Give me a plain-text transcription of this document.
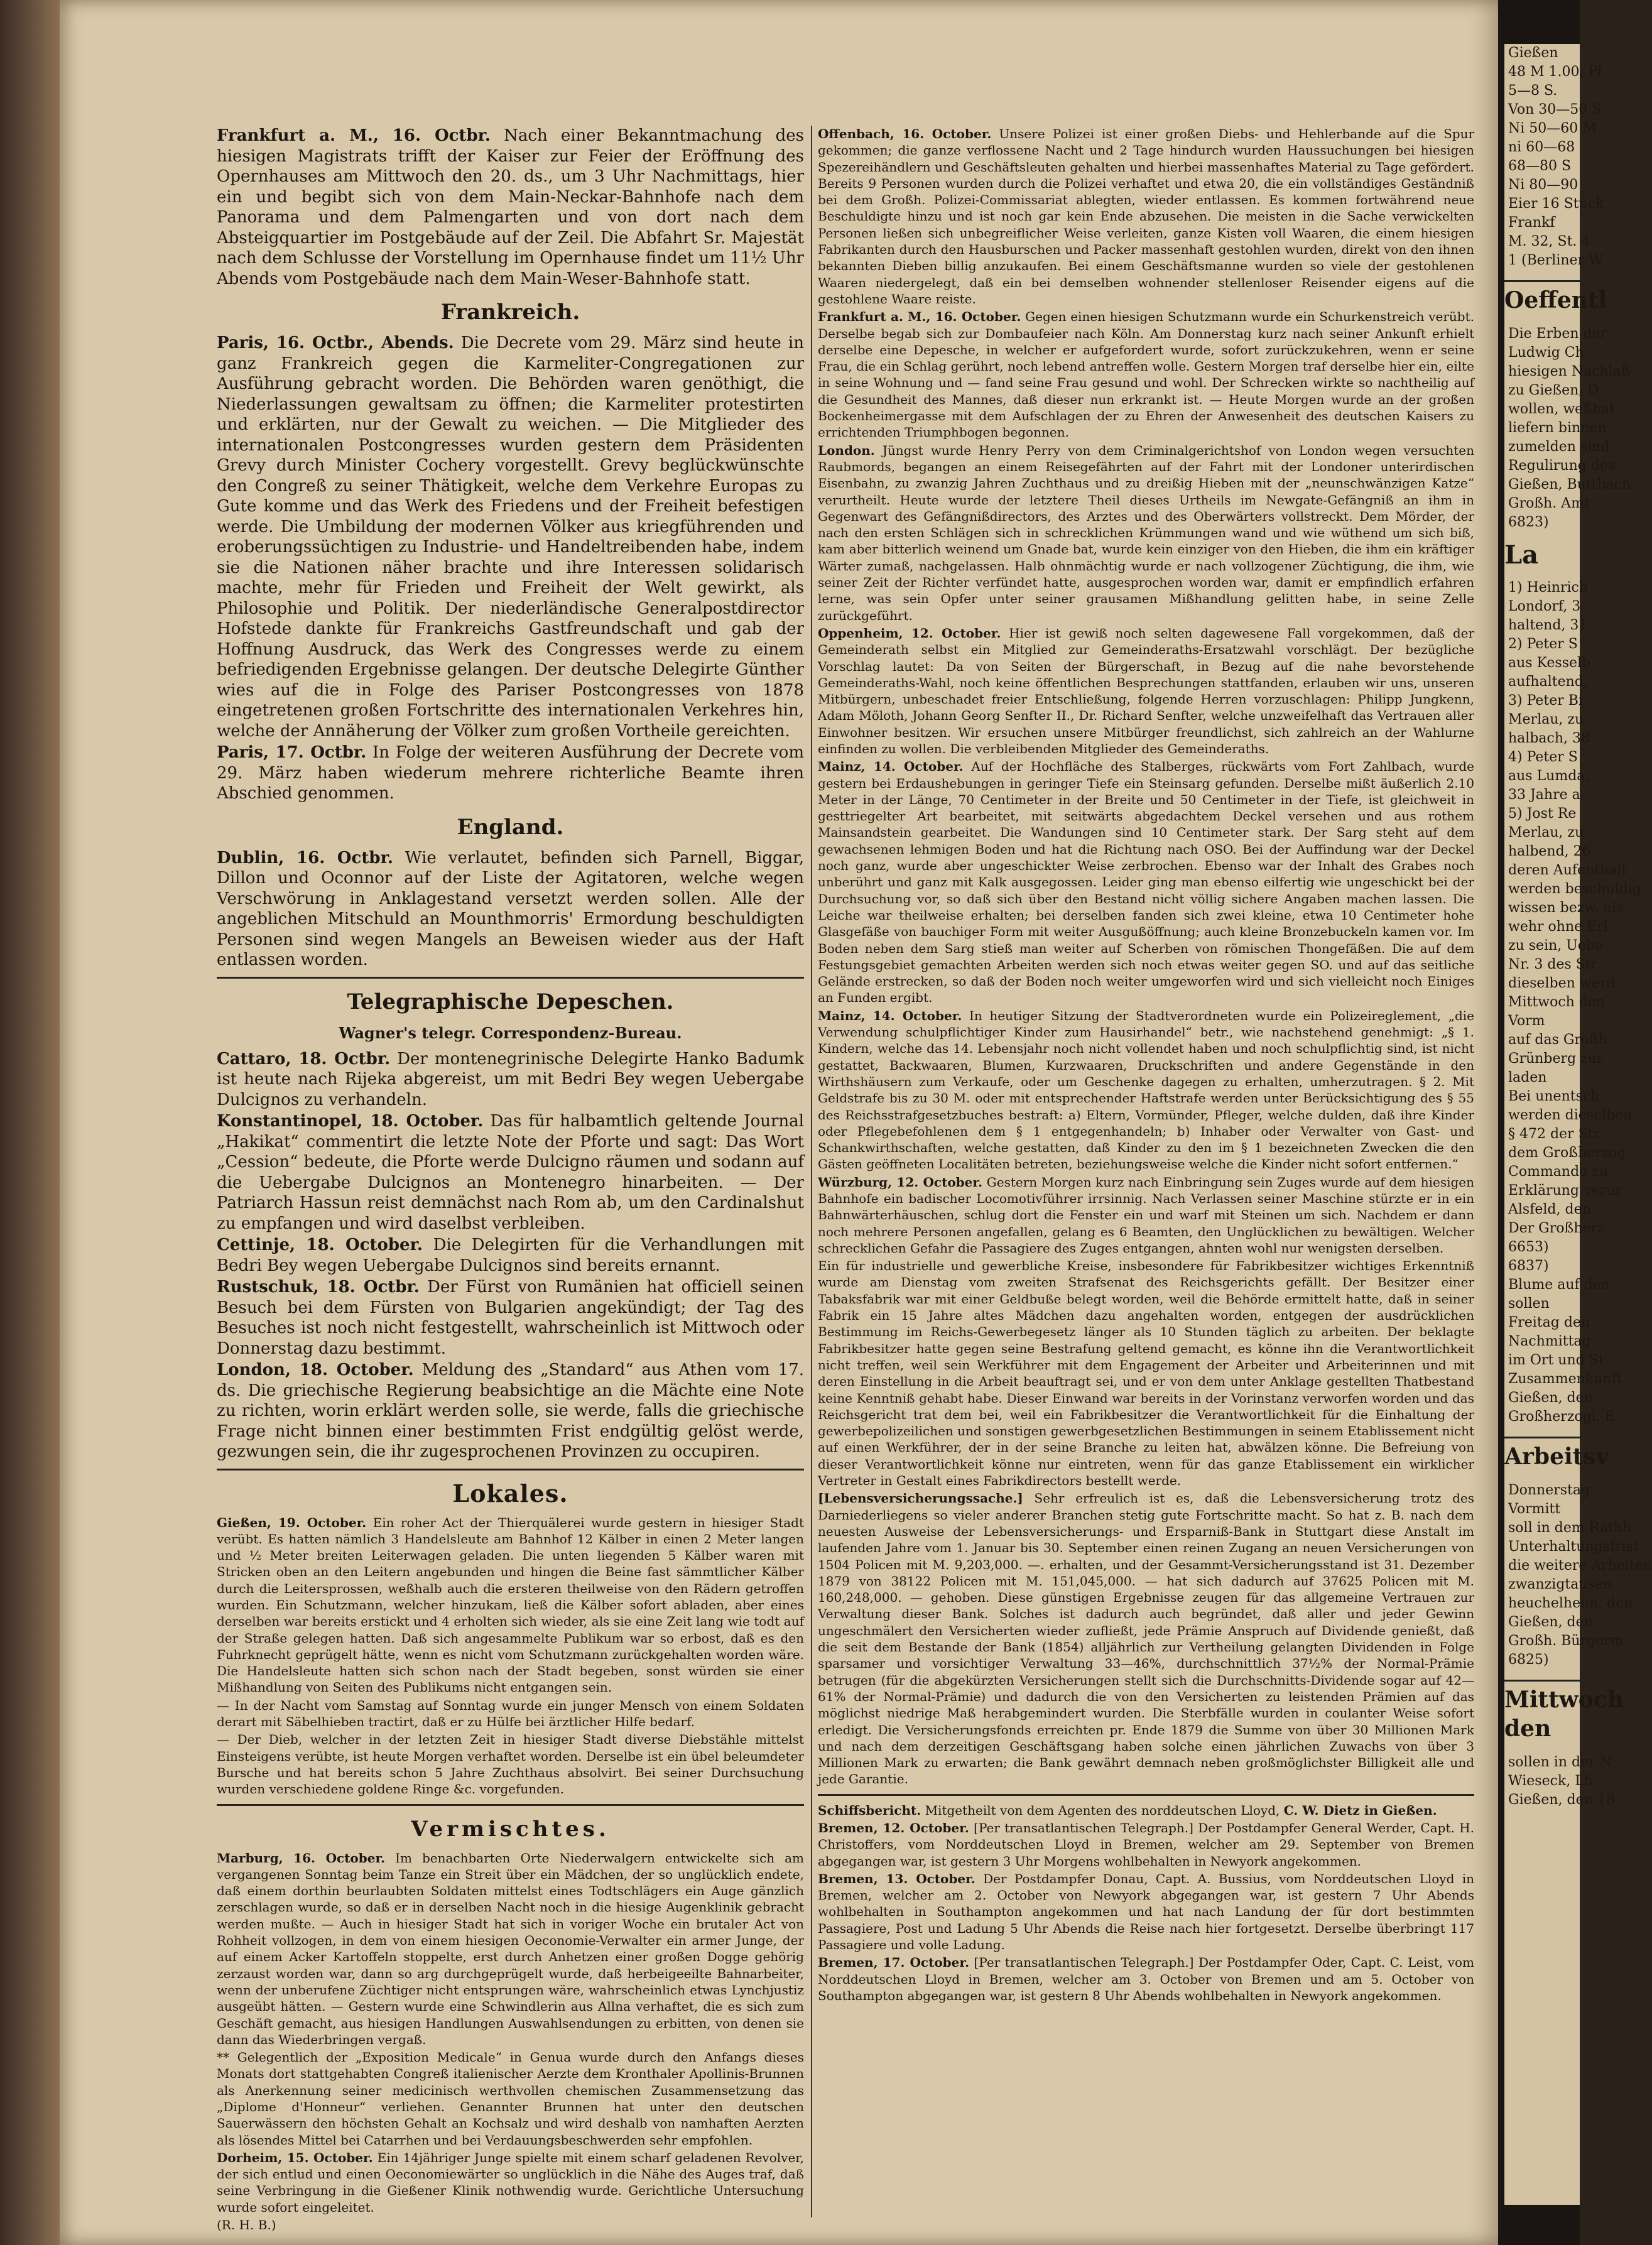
Frankfurt a. M., 16. Octbr. Nach einer Bekanntmachung des hiesigen Magistrats trifft der Kaiser zur Feier der Eröffnung des Opernhauses am Mittwoch den 20. ds., um 3 Uhr Nachmittags, hier ein und begibt sich von dem Main-Neckar-Bahnhofe nach dem Panorama und dem Palmengarten und von dort nach dem Absteigquartier im Postgebäude auf der Zeil. Die Abfahrt Sr. Majestät nach dem Schlusse der Vorstellung im Opernhause findet um 11½ Uhr Abends vom Postgebäude nach dem Main-Weser-Bahnhofe statt.

Frankreich.

Paris, 16. Octbr., Abends. Die Decrete vom 29. März sind heute in ganz Frankreich gegen die Karmeliter-Congregationen zur Ausführung gebracht worden. Die Behörden waren genöthigt, die Niederlassungen gewaltsam zu öffnen; die Karmeliter protestirten und erklärten, nur der Gewalt zu weichen. — Die Mitglieder des internationalen Postcongresses wurden gestern dem Präsidenten Grevy durch Minister Cochery vorgestellt. Grevy beglückwünschte den Congreß zu seiner Thätigkeit, welche dem Verkehre Europas zu Gute komme und das Werk des Friedens und der Freiheit befestigen werde. Die Umbildung der modernen Völker aus kriegführenden und eroberungssüchtigen zu Industrie- und Handeltreibenden habe, indem sie die Nationen näher brachte und ihre Interessen solidarisch machte, mehr für Frieden und Freiheit der Welt gewirkt, als Philosophie und Politik. Der niederländische Generalpostdirector Hofstede dankte für Frankreichs Gastfreundschaft und gab der Hoffnung Ausdruck, das Werk des Congresses werde zu einem befriedigenden Ergebnisse gelangen. Der deutsche Delegirte Günther wies auf die in Folge des Pariser Postcongresses von 1878 eingetretenen großen Fortschritte des internationalen Verkehres hin, welche der Annäherung der Völker zum großen Vortheile gereichten.

Paris, 17. Octbr. In Folge der weiteren Ausführung der Decrete vom 29. März haben wiederum mehrere richterliche Beamte ihren Abschied genommen.

England.

Dublin, 16. Octbr. Wie verlautet, befinden sich Parnell, Biggar, Dillon und Oconnor auf der Liste der Agitatoren, welche wegen Verschwörung in Anklagestand versetzt werden sollen. Alle der angeblichen Mitschuld an Mounthmorris' Ermordung beschuldigten Personen sind wegen Mangels an Beweisen wieder aus der Haft entlassen worden.

Telegraphische Depeschen.
Wagner's telegr. Correspondenz-Bureau.

Cattaro, 18. Octbr. Der montenegrinische Delegirte Hanko Badumk ist heute nach Rijeka abgereist, um mit Bedri Bey wegen Uebergabe Dulcignos zu verhandeln.

Konstantinopel, 18. October. Das für halbamtlich geltende Journal „Hakikat“ commentirt die letzte Note der Pforte und sagt: Das Wort „Cession“ bedeute, die Pforte werde Dulcigno räumen und sodann auf die Uebergabe Dulcignos an Montenegro hinarbeiten. — Der Patriarch Hassun reist demnächst nach Rom ab, um den Cardinalshut zu empfangen und wird daselbst verbleiben.

Cettinje, 18. October. Die Delegirten für die Verhandlungen mit Bedri Bey wegen Uebergabe Dulcignos sind bereits ernannt.

Rustschuk, 18. Octbr. Der Fürst von Rumänien hat officiell seinen Besuch bei dem Fürsten von Bulgarien angekündigt; der Tag des Besuches ist noch nicht festgestellt, wahrscheinlich ist Mittwoch oder Donnerstag dazu bestimmt.

London, 18. October. Meldung des „Standard“ aus Athen vom 17. ds. Die griechische Regierung beabsichtige an die Mächte eine Note zu richten, worin erklärt werden solle, sie werde, falls die griechische Frage nicht binnen einer bestimmten Frist endgültig gelöst werde, gezwungen sein, die ihr zugesprochenen Provinzen zu occupiren.

Lokales.

Gießen, 19. October. Ein roher Act der Thierquälerei wurde gestern in hiesiger Stadt verübt. Es hatten nämlich 3 Handelsleute am Bahnhof 12 Kälber in einen 2 Meter langen und ½ Meter breiten Leiterwagen geladen. Die unten liegenden 5 Kälber waren mit Stricken oben an den Leitern angebunden und hingen die Beine fast sämmtlicher Kälber durch die Leitersprossen, weßhalb auch die ersteren theilweise von den Rädern getroffen wurden. Ein Schutzmann, welcher hinzukam, ließ die Kälber sofort abladen, aber eines derselben war bereits erstickt und 4 erholten sich wieder, als sie eine Zeit lang wie todt auf der Straße gelegen hatten. Daß sich angesammelte Publikum war so erbost, daß es den Fuhrknecht geprügelt hätte, wenn es nicht vom Schutzmann zurückgehalten worden wäre. Die Handelsleute hatten sich schon nach der Stadt begeben, sonst würden sie einer Mißhandlung von Seiten des Publikums nicht entgangen sein.

— In der Nacht vom Samstag auf Sonntag wurde ein junger Mensch von einem Soldaten derart mit Säbelhieben tractirt, daß er zu Hülfe bei ärztlicher Hilfe bedarf.

— Der Dieb, welcher in der letzten Zeit in hiesiger Stadt diverse Diebstähle mittelst Einsteigens verübte, ist heute Morgen verhaftet worden. Derselbe ist ein übel beleumdeter Bursche und hat bereits schon 5 Jahre Zuchthaus absolvirt. Bei seiner Durchsuchung wurden verschiedene goldene Ringe &c. vorgefunden.

Vermischtes.

Marburg, 16. October. Im benachbarten Orte Niederwalgern entwickelte sich am vergangenen Sonntag beim Tanze ein Streit über ein Mädchen, der so unglücklich endete, daß einem dorthin beurlaubten Soldaten mittelst eines Todtschlägers ein Auge gänzlich zerschlagen wurde, so daß er in derselben Nacht noch in die hiesige Augenklinik gebracht werden mußte. — Auch in hiesiger Stadt hat sich in voriger Woche ein brutaler Act von Rohheit vollzogen, in dem von einem hiesigen Oeconomie-Verwalter ein armer Junge, der auf einem Acker Kartoffeln stoppelte, erst durch Anhetzen einer großen Dogge gehörig zerzaust worden war, dann so arg durchgeprügelt wurde, daß herbeigeeilte Bahnarbeiter, wenn der unberufene Züchtiger nicht entsprungen wäre, wahrscheinlich etwas Lynchjustiz ausgeübt hätten. — Gestern wurde eine Schwindlerin aus Allna verhaftet, die es sich zum Geschäft gemacht, aus hiesigen Handlungen Auswahlsendungen zu erbitten, von denen sie dann das Wiederbringen vergaß.

** Gelegentlich der „Exposition Medicale“ in Genua wurde durch den Anfangs dieses Monats dort stattgehabten Congreß italienischer Aerzte dem Kronthaler Apollinis-Brunnen als Anerkennung seiner medicinisch werthvollen chemischen Zusammensetzung das „Diplome d'Honneur“ verliehen. Genannter Brunnen hat unter den deutschen Sauerwässern den höchsten Gehalt an Kochsalz und wird deshalb von namhaften Aerzten als lösendes Mittel bei Catarrhen und bei Verdauungsbeschwerden sehr empfohlen.

Dorheim, 15. October. Ein 14jähriger Junge spielte mit einem scharf geladenen Revolver, der sich entlud und einen Oeconomiewärter so unglücklich in die Nähe des Auges traf, daß seine Verbringung in die Gießener Klinik nothwendig wurde. Gerichtliche Untersuchung wurde sofort eingeleitet.

(R. H. B.)

Offenbach, 16. October. Unsere Polizei ist einer großen Diebs- und Hehlerbande auf die Spur gekommen; die ganze verflossene Nacht und 2 Tage hindurch wurden Haussuchungen bei hiesigen Spezereihändlern und Geschäftsleuten gehalten und hierbei massenhaftes Material zu Tage gefördert. Bereits 9 Personen wurden durch die Polizei verhaftet und etwa 20, die ein vollständiges Geständniß bei dem Großh. Polizei-Commissariat ablegten, wieder entlassen. Es kommen fortwährend neue Beschuldigte hinzu und ist noch gar kein Ende abzusehen. Die meisten in die Sache verwickelten Personen ließen sich unbegreiflicher Weise verleiten, ganze Kisten voll Waaren, die einem hiesigen Fabrikanten durch den Hausburschen und Packer massenhaft gestohlen wurden, direkt von den ihnen bekannten Dieben billig anzukaufen. Bei einem Geschäftsmanne wurden so viele der gestohlenen Waaren niedergelegt, daß ein bei demselben wohnender stellenloser Reisender eigens auf die gestohlene Waare reiste.

Frankfurt a. M., 16. October. Gegen einen hiesigen Schutzmann wurde ein Schurkenstreich verübt. Derselbe begab sich zur Dombaufeier nach Köln. Am Donnerstag kurz nach seiner Ankunft erhielt derselbe eine Depesche, in welcher er aufgefordert wurde, sofort zurückzukehren, wenn er seine Frau, die ein Schlag gerührt, noch lebend antreffen wolle. Gestern Morgen traf derselbe hier ein, eilte in seine Wohnung und — fand seine Frau gesund und wohl. Der Schrecken wirkte so nachtheilig auf die Gesundheit des Mannes, daß dieser nun erkrankt ist. — Heute Morgen wurde an der großen Bockenheimergasse mit dem Aufschlagen der zu Ehren der Anwesenheit des deutschen Kaisers zu errichtenden Triumphbogen begonnen.

London. Jüngst wurde Henry Perry von dem Criminalgerichtshof von London wegen versuchten Raubmords, begangen an einem Reisegefährten auf der Fahrt mit der Londoner unterirdischen Eisenbahn, zu zwanzig Jahren Zuchthaus und zu dreißig Hieben mit der „neunschwänzigen Katze“ verurtheilt. Heute wurde der letztere Theil dieses Urtheils im Newgate-Gefängniß an ihm in Gegenwart des Gefängnißdirectors, des Arztes und des Oberwärters vollstreckt. Dem Mörder, der nach den ersten Schlägen sich in schrecklichen Krümmungen wand und wie wüthend um sich biß, kam aber bitterlich weinend um Gnade bat, wurde kein einziger von den Hieben, die ihm ein kräftiger Wärter zumaß, nachgelassen. Halb ohnmächtig wurde er nach vollzogener Züchtigung, die ihm, wie seiner Zeit der Richter verfündet hatte, ausgesprochen worden war, damit er empfindlich erfahren lerne, was sein Opfer unter seiner grausamen Mißhandlung gelitten habe, in seine Zelle zurückgeführt.

Oppenheim, 12. October. Hier ist gewiß noch selten dagewesene Fall vorgekommen, daß der Gemeinderath selbst ein Mitglied zur Gemeinderaths-Ersatzwahl vorschlägt. Der bezügliche Vorschlag lautet: Da von Seiten der Bürgerschaft, in Bezug auf die nahe bevorstehende Gemeinderaths-Wahl, noch keine öffentlichen Besprechungen stattfanden, erlauben wir uns, unseren Mitbürgern, unbeschadet freier Entschließung, folgende Herren vorzuschlagen: Philipp Jungkenn, Adam Möloth, Johann Georg Senfter II., Dr. Richard Senfter, welche unzweifelhaft das Vertrauen aller Einwohner besitzen. Wir ersuchen unsere Mitbürger freundlichst, sich zahlreich an der Wahlurne einfinden zu wollen. Die verbleibenden Mitglieder des Gemeinderaths.

Mainz, 14. October. Auf der Hochfläche des Stalberges, rückwärts vom Fort Zahlbach, wurde gestern bei Erdaushebungen in geringer Tiefe ein Steinsarg gefunden. Derselbe mißt äußerlich 2.10 Meter in der Länge, 70 Centimeter in der Breite und 50 Centimeter in der Tiefe, ist gleichweit in gesttriegelter Art bearbeitet, mit seitwärts abgedachtem Deckel versehen und aus rothem Mainsandstein gearbeitet. Die Wandungen sind 10 Centimeter stark. Der Sarg steht auf dem gewachsenen lehmigen Boden und hat die Richtung nach OSO. Bei der Auffindung war der Deckel noch ganz, wurde aber ungeschickter Weise zerbrochen. Ebenso war der Inhalt des Grabes noch unberührt und ganz mit Kalk ausgegossen. Leider ging man ebenso eilfertig wie ungeschickt bei der Durchsuchung vor, so daß sich über den Bestand nicht völlig sichere Angaben machen lassen. Die Leiche war theilweise erhalten; bei derselben fanden sich zwei kleine, etwa 10 Centimeter hohe Glasgefäße von bauchiger Form mit weiter Ausgußöffnung; auch kleine Bronzebuckeln kamen vor. Im Boden neben dem Sarg stieß man weiter auf Scherben von römischen Thongefäßen. Die auf dem Festungsgebiet gemachten Arbeiten werden sich noch etwas weiter gegen SO. und auf das seitliche Gelände erstrecken, so daß der Boden noch weiter umgeworfen wird und sich vielleicht noch Einiges an Funden ergibt.

Mainz, 14. October. In heutiger Sitzung der Stadtverordneten wurde ein Polizeireglement, „die Verwendung schulpflichtiger Kinder zum Hausirhandel“ betr., wie nachstehend genehmigt: „§ 1. Kindern, welche das 14. Lebensjahr noch nicht vollendet haben und noch schulpflichtig sind, ist nicht gestattet, Backwaaren, Blumen, Kurzwaaren, Druckschriften und andere Gegenstände in den Wirthshäusern zum Verkaufe, oder um Geschenke dagegen zu erhalten, umherzutragen. § 2. Mit Geldstrafe bis zu 30 M. oder mit entsprechender Haftstrafe werden unter Berücksichtigung des § 55 des Reichsstrafgesetzbuches bestraft: a) Eltern, Vormünder, Pfleger, welche dulden, daß ihre Kinder oder Pflegebefohlenen dem § 1 entgegenhandeln; b) Inhaber oder Verwalter von Gast- und Schankwirthschaften, welche gestatten, daß Kinder zu den im § 1 bezeichneten Zwecken die den Gästen geöffneten Localitäten betreten, beziehungsweise welche die Kinder nicht sofort entfernen.“

Würzburg, 12. October. Gestern Morgen kurz nach Einbringung sein Zuges wurde auf dem hiesigen Bahnhofe ein badischer Locomotivführer irrsinnig. Nach Verlassen seiner Maschine stürzte er in ein Bahnwärterhäuschen, schlug dort die Fenster ein und warf mit Steinen um sich. Nachdem er dann noch mehrere Personen angefallen, gelang es 6 Beamten, den Unglücklichen zu bewältigen. Welcher schrecklichen Gefahr die Passagiere des Zuges entgangen, ahnten wohl nur wenigsten derselben.

Ein für industrielle und gewerbliche Kreise, insbesondere für Fabrikbesitzer wichtiges Erkenntniß wurde am Dienstag vom zweiten Strafsenat des Reichsgerichts gefällt. Der Besitzer einer Tabaksfabrik war mit einer Geldbuße belegt worden, weil die Behörde ermittelt hatte, daß in seiner Fabrik ein 15 Jahre altes Mädchen dazu angehalten worden, entgegen der ausdrücklichen Bestimmung im Reichs-Gewerbegesetz länger als 10 Stunden täglich zu arbeiten. Der beklagte Fabrikbesitzer hatte gegen seine Bestrafung geltend gemacht, es könne ihn die Verantwortlichkeit nicht treffen, weil sein Werkführer mit dem Engagement der Arbeiter und Arbeiterinnen und mit deren Einstellung in die Arbeit beauftragt sei, und er von dem unter Anklage gestellten Thatbestand keine Kenntniß gehabt habe. Dieser Einwand war bereits in der Vorinstanz verworfen worden und das Reichsgericht trat dem bei, weil ein Fabrikbesitzer die Verantwortlichkeit für die Einhaltung der gewerbepolizeilichen und sonstigen gewerbgesetzlichen Bestimmungen in seinem Etablissement nicht auf einen Werkführer, der in der seine Branche zu leiten hat, abwälzen könne. Die Befreiung von dieser Verantwortlichkeit könne nur eintreten, wenn für das ganze Etablissement ein wirklicher Vertreter in Gestalt eines Fabrikdirectors bestellt werde.

[Lebensversicherungssache.] Sehr erfreulich ist es, daß die Lebensversicherung trotz des Darniederliegens so vieler anderer Branchen stetig gute Fortschritte macht. So hat z. B. nach dem neuesten Ausweise der Lebensversicherungs- und Ersparniß-Bank in Stuttgart diese Anstalt im laufenden Jahre vom 1. Januar bis 30. September einen reinen Zugang an neuen Versicherungen von 1504 Policen mit M. 9,203,000. —. erhalten, und der Gesammt-Versicherungsstand ist 31. Dezember 1879 von 38122 Policen mit M. 151,045,000. — hat sich dadurch auf 37625 Policen mit M. 160,248,000. — gehoben. Diese günstigen Ergebnisse zeugen für das allgemeine Vertrauen zur Verwaltung dieser Bank. Solches ist dadurch auch begründet, daß aller und jeder Gewinn ungeschmälert den Versicherten wieder zufließt, jede Prämie Anspruch auf Dividende genießt, daß die seit dem Bestande der Bank (1854) alljährlich zur Vertheilung gelangten Dividenden in Folge sparsamer und vorsichtiger Verwaltung 33—46%, durchschnittlich 37½% der Normal-Prämie betrugen (für die abgekürzten Versicherungen stellt sich die Durchschnitts-Dividende sogar auf 42—61% der Normal-Prämie) und dadurch die von den Versicherten zu leistenden Prämien auf das möglichst niedrige Maß herabgemindert wurden. Die Sterbfälle wurden in coulanter Weise sofort erledigt. Die Versicherungsfonds erreichten pr. Ende 1879 die Summe von über 30 Millionen Mark und nach dem derzeitigen Geschäftsgang haben solche einen jährlichen Zuwachs von über 3 Millionen Mark zu erwarten; die Bank gewährt demnach neben großmöglichster Billigkeit alle und jede Garantie.

Schiffsbericht. Mitgetheilt von dem Agenten des norddeutschen Lloyd, C. W. Dietz in Gießen.

Bremen, 12. October. [Per transatlantischen Telegraph.] Der Postdampfer General Werder, Capt. H. Christoffers, vom Norddeutschen Lloyd in Bremen, welcher am 29. September von Bremen abgegangen war, ist gestern 3 Uhr Morgens wohlbehalten in Newyork angekommen.

Bremen, 13. October. Der Postdampfer Donau, Capt. A. Bussius, vom Norddeutschen Lloyd in Bremen, welcher am 2. October von Newyork abgegangen war, ist gestern 7 Uhr Abends wohlbehalten in Southampton angekommen und hat nach Landung der für dort bestimmten Passagiere, Post und Ladung 5 Uhr Abends die Reise nach hier fortgesetzt. Derselbe überbringt 117 Passagiere und volle Ladung.

Bremen, 17. October. [Per transatlantischen Telegraph.] Der Postdampfer Oder, Capt. C. Leist, vom Norddeutschen Lloyd in Bremen, welcher am 3. October von Bremen und am 5. October von Southampton abgegangen war, ist gestern 8 Uhr Abends wohlbehalten in Newyork angekommen.

Gießen
48 M 1.00, Pl
5—8 S.
Von 30—50 S
Ni 50—60 M
ni 60—68
68—80 S
Ni 80—90
Eier 16 Stück
Frankf
M. 32, St. 4
1 (Berliner W
Oeffentl
Die Erben der
Ludwig Ch
hiesigen Nachlaß
zu Gießen, D
wollen, weßhal
liefern binnen
zumelden sind
Regulirung des
Gießen, Buttbach
Großh. Amt
6823)
La
1) Heinrich
Londorf, 3
haltend, 31
2) Peter S
aus Kesselb
aufhaltend,
3) Peter Br
Merlau, zu
halbach, 38
4) Peter S
aus Lumda,
33 Jahre a
5) Jost Re
Merlau, zu
halbend, 26
deren Aufenthalt
werden beschuldig
wissen bezw. als
wehr ohne Erl
zu sein, Uebe
Nr. 3 des Str
dieselben werd
Mittwoch den
Vorm
auf das Großh
Grünberg zur
laden
Bei unentsch
werden dieselben
§ 472 der Str
dem Großherzog
Commando zu
Erklärung verur
Alsfeld, den
Der Großherz
6653)
6837)
Blume auf den
sollen
Freitag den
Nachmittag
im Ort und St
Zusammenkunft
Gießen, den
Großherzogl. E
Arbeitsv
Donnerstag
Vormitt
soll in dem Rathh
Unterhaltungsfrist
die weitere Arbeiten
zwanzigtausen
heuchelheim, den
Gießen, den
Großh. Bürgerm
6825)
Mittwoch den
sollen in der N
Wieseck, Lh
Gießen, den 18
